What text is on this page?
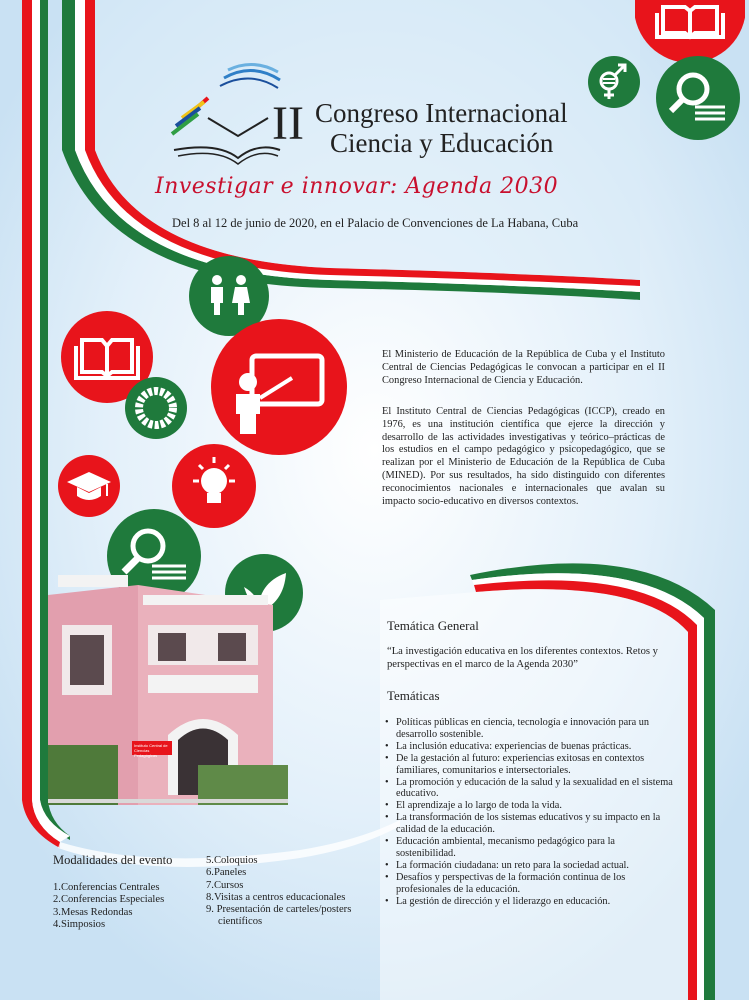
II Congreso Internacional
Ciencia y Educación
Investigar e innovar: Agenda 2030
Del 8 al 12 de junio de 2020, en el Palacio de Convenciones de La Habana, Cuba
Instituto Central de Ciencias Pedagógicas
El Ministerio de Educación de la República de Cuba y el Instituto Central de Ciencias Pedagógicas le convocan a participar en el II Congreso Internacional de Ciencia y Educación.
El Instituto Central de Ciencias Pedagógicas (ICCP), creado en 1976, es una institución científica que ejerce la dirección y desarrollo de las actividades investigativas y teórico–prácticas de los estudios en el campo pedagógico y psicopedagógico, que se realizan por el Ministerio de Educación de la República de Cuba (MINED). Por sus resultados, ha sido distinguido con diferentes reconocimientos nacionales e internacionales que avalan su impacto socio-educativo en diversos contextos.
Temática General
“La investigación educativa en los diferentes contextos. Retos y perspectivas en el marco de la Agenda 2030”
Temáticas
• Políticas públicas en ciencia, tecnología e innovación para un desarrollo sostenible.
• La inclusión educativa: experiencias de buenas prácticas.
• De la gestación al futuro: experiencias exitosas en contextos familiares, comunitarios e intersectoriales.
• La promoción y educación de la salud y la sexualidad en el sistema educativo.
• El aprendizaje a lo largo de toda la vida.
• La transformación de los sistemas educativos y su impacto en la calidad de la educación.
• Educación ambiental, mecanismo pedagógico para la sostenibilidad.
• La formación ciudadana: un reto para la sociedad actual.
• Desafíos y perspectivas de la formación continua de los profesionales de la educación.
• La gestión de dirección y el liderazgo en educación.
Modalidades del evento
1.Conferencias Centrales
2.Conferencias Especiales
3.Mesas Redondas
4.Simposios
5.Coloquios
6.Paneles
7.Cursos
8.Visitas a centros educacionales
9. Presentación de carteles/posters
científicos
